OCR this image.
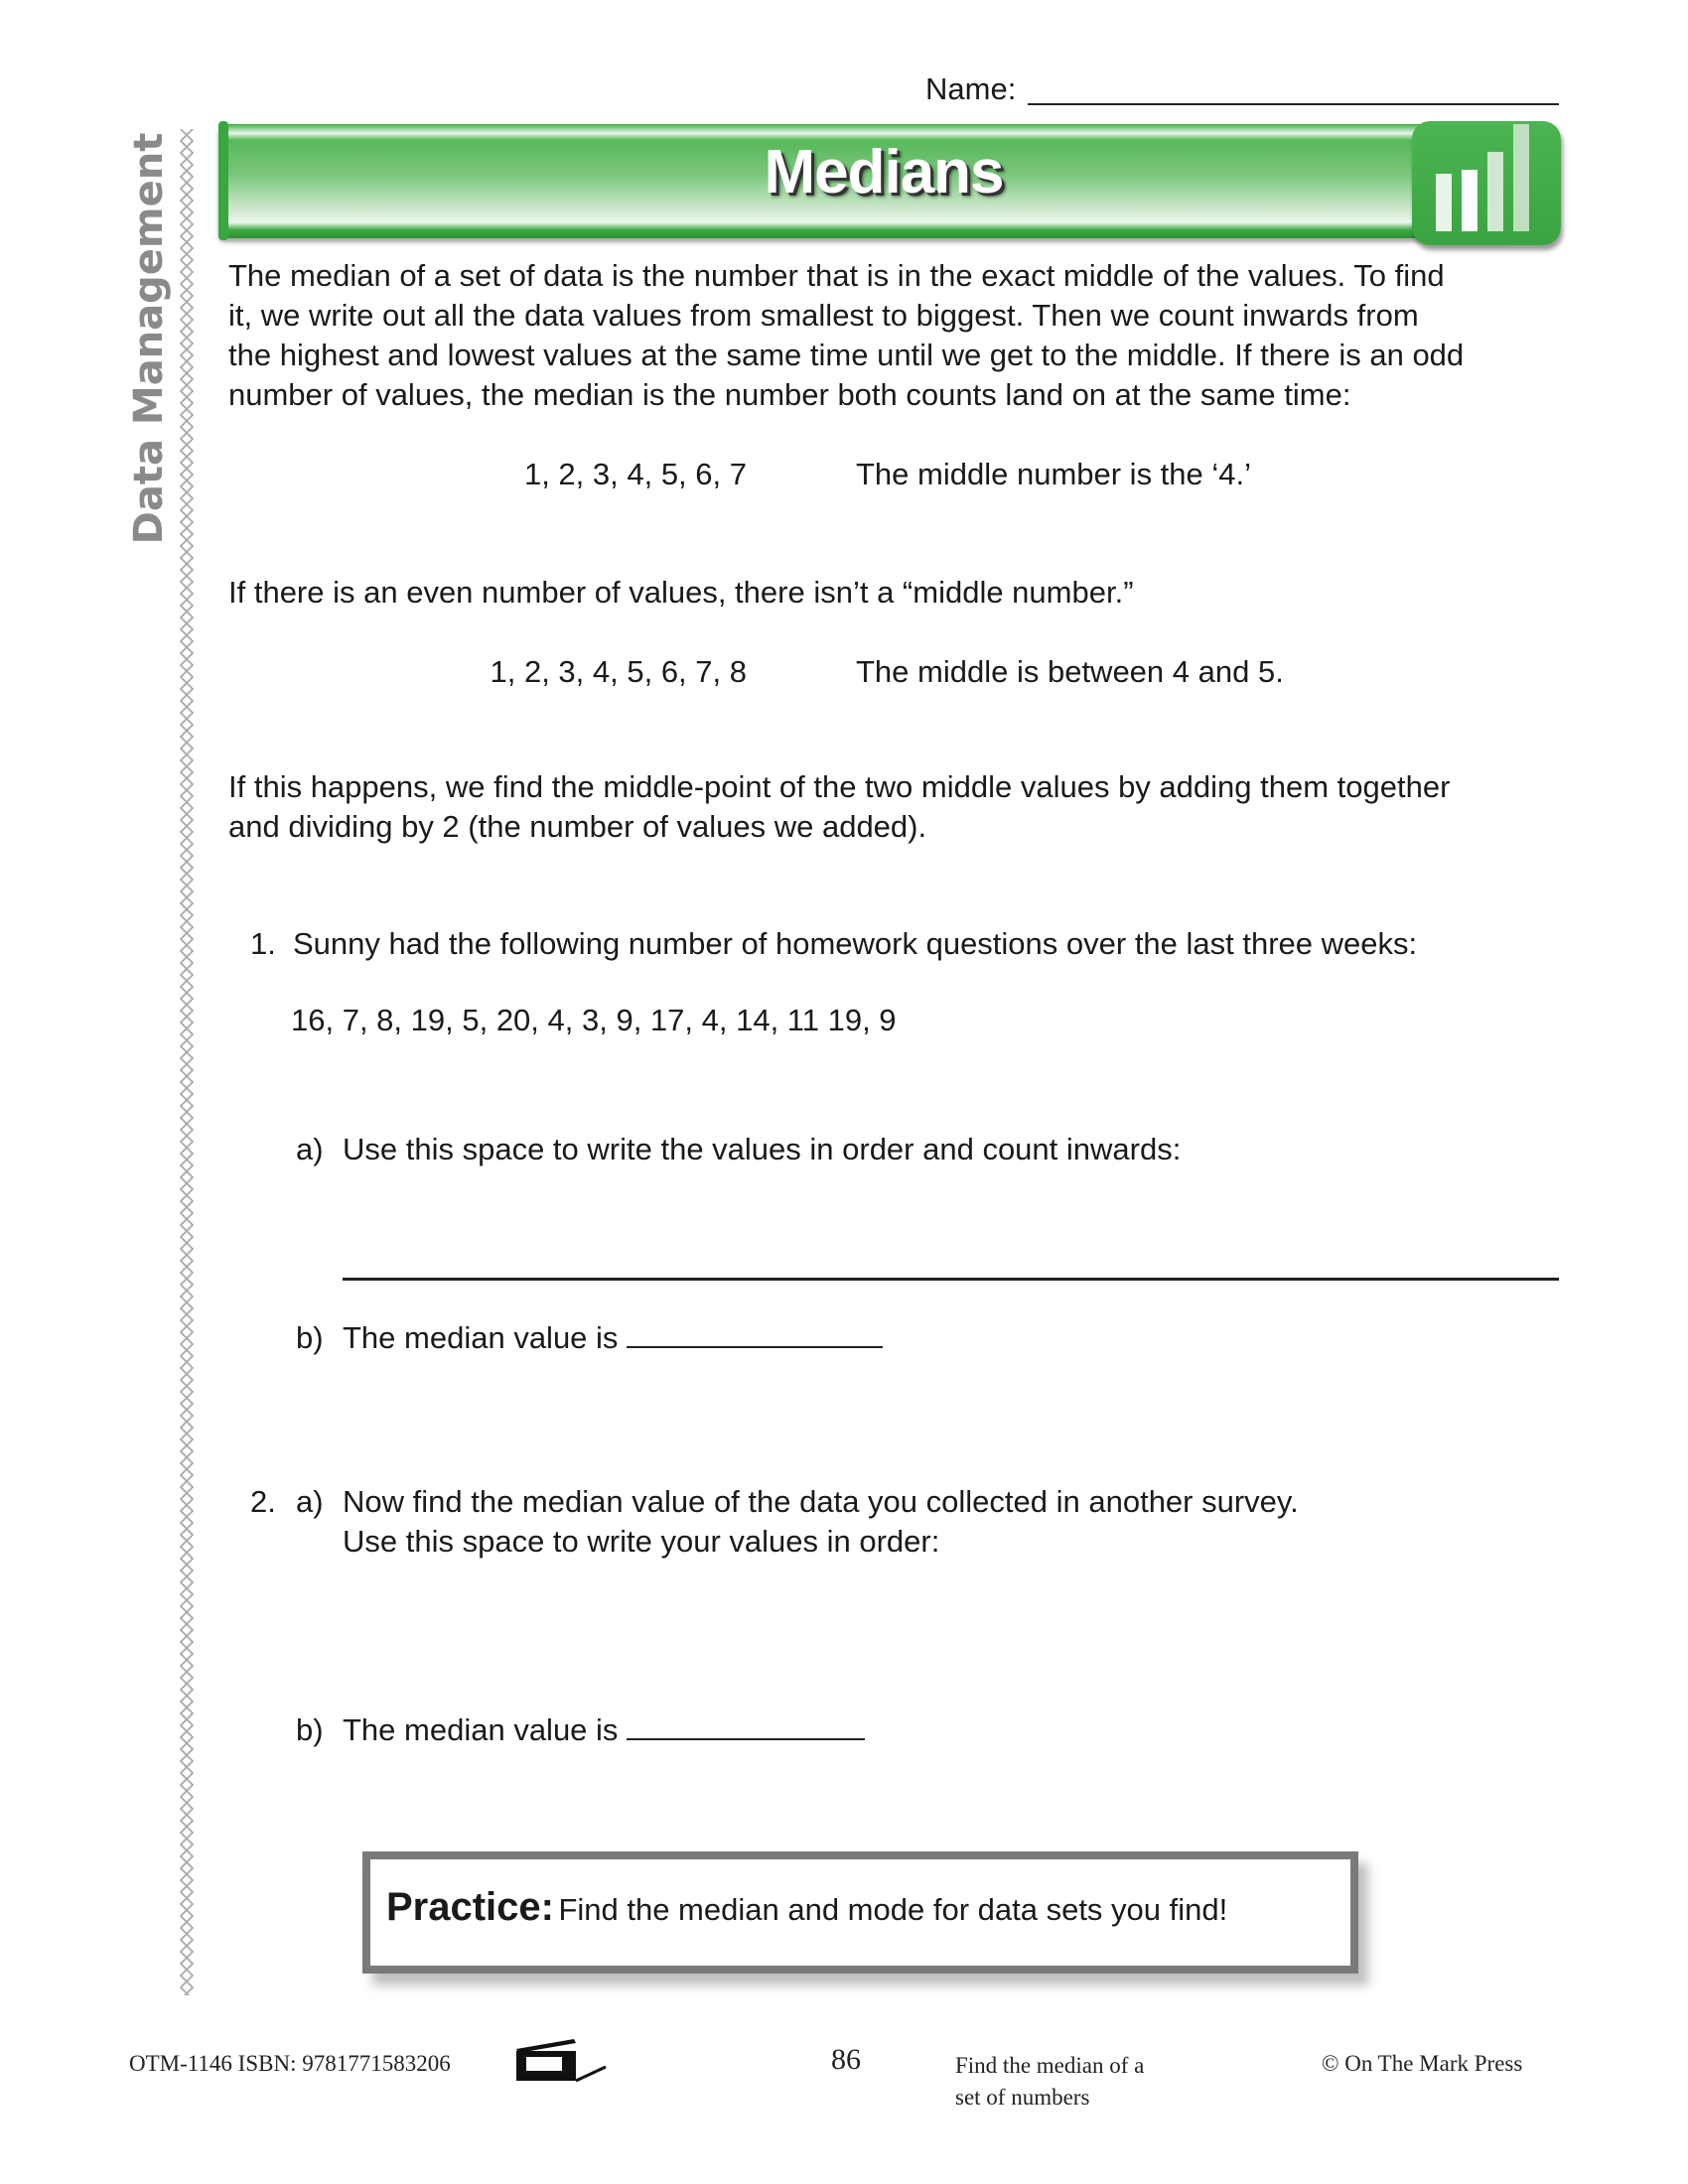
Name:
Data Management	Medians
The median of a set of data is the number that is in the exact middle of the values. To find
it, we write out all the data values from smallest to biggest. Then we count inwards from
the highest and lowest values at the same time until we get to the middle. If there is an odd
number of values, the median is the number both counts land on at the same time:
1, 2, 3, 4, 5, 6, 7	The middle number is the ‘4.’
If there is an even number of values, there isn’t a “middle number.”
1, 2, 3, 4, 5, 6, 7, 8	The middle is between 4 and 5.
If this happens, we find the middle-point of the two middle values by adding them together
and dividing by 2 (the number of values we added).
1. Sunny had the following number of homework questions over the last three weeks:
16, 7, 8, 19, 5, 20, 4, 3, 9, 17, 4, 14, 11 19, 9
a) Use this space to write the values in order and count inwards:
b) The median value is
2. a) Now find the median value of the data you collected in another survey.
Use this space to write your values in order:
b) The median value is
Practice: Find the median and mode for data sets you find!
OTM-1146 ISBN: 9781771583206	86	Find the median of a
set of numbers
© On The Mark Press
